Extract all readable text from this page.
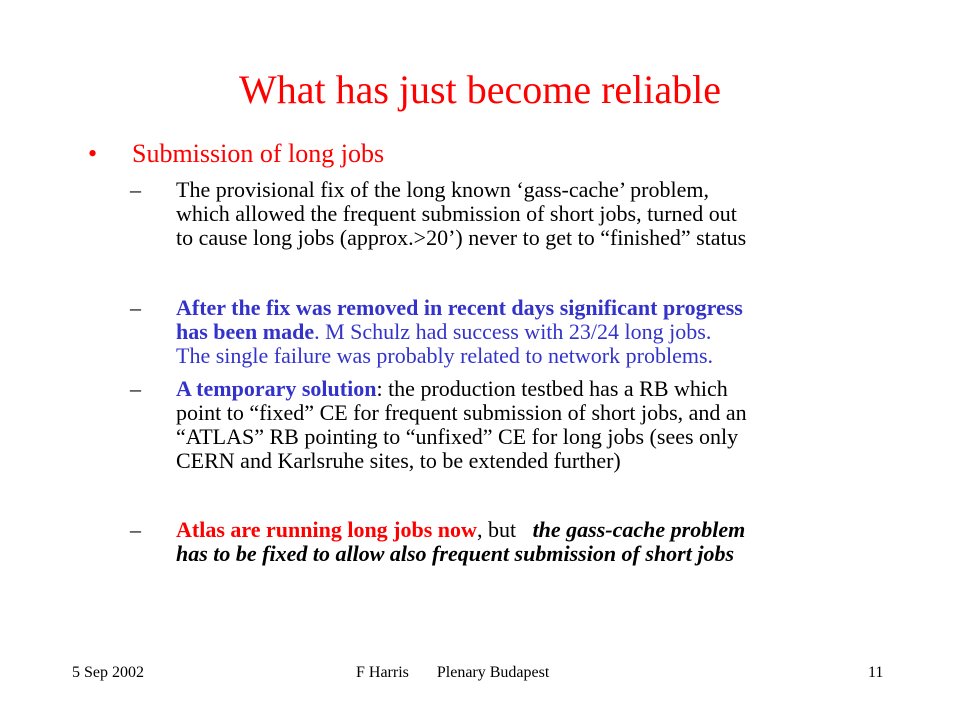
What has just become reliable
• Submission of long jobs
– The provisional fix of the long known ‘gass-cache’ problem,
which allowed the frequent submission of short jobs, turned out
to cause long jobs (approx.>20’) never to get to “finished” status
– After the fix was removed in recent days significant progress
has been made. M Schulz had success with 23/24 long jobs.
The single failure was probably related to network problems.
– A temporary solution: the production testbed has a RB which
point to “fixed” CE for frequent submission of short jobs, and an
“ATLAS” RB pointing to “unfixed” CE for long jobs (sees only
CERN and Karlsruhe sites, to be extended further)
– Atlas are running long jobs now, but   the gass-cache problem
has to be fixed to allow also frequent submission of short jobs
5 Sep 2002	F Harris       Plenary Budapest	11
